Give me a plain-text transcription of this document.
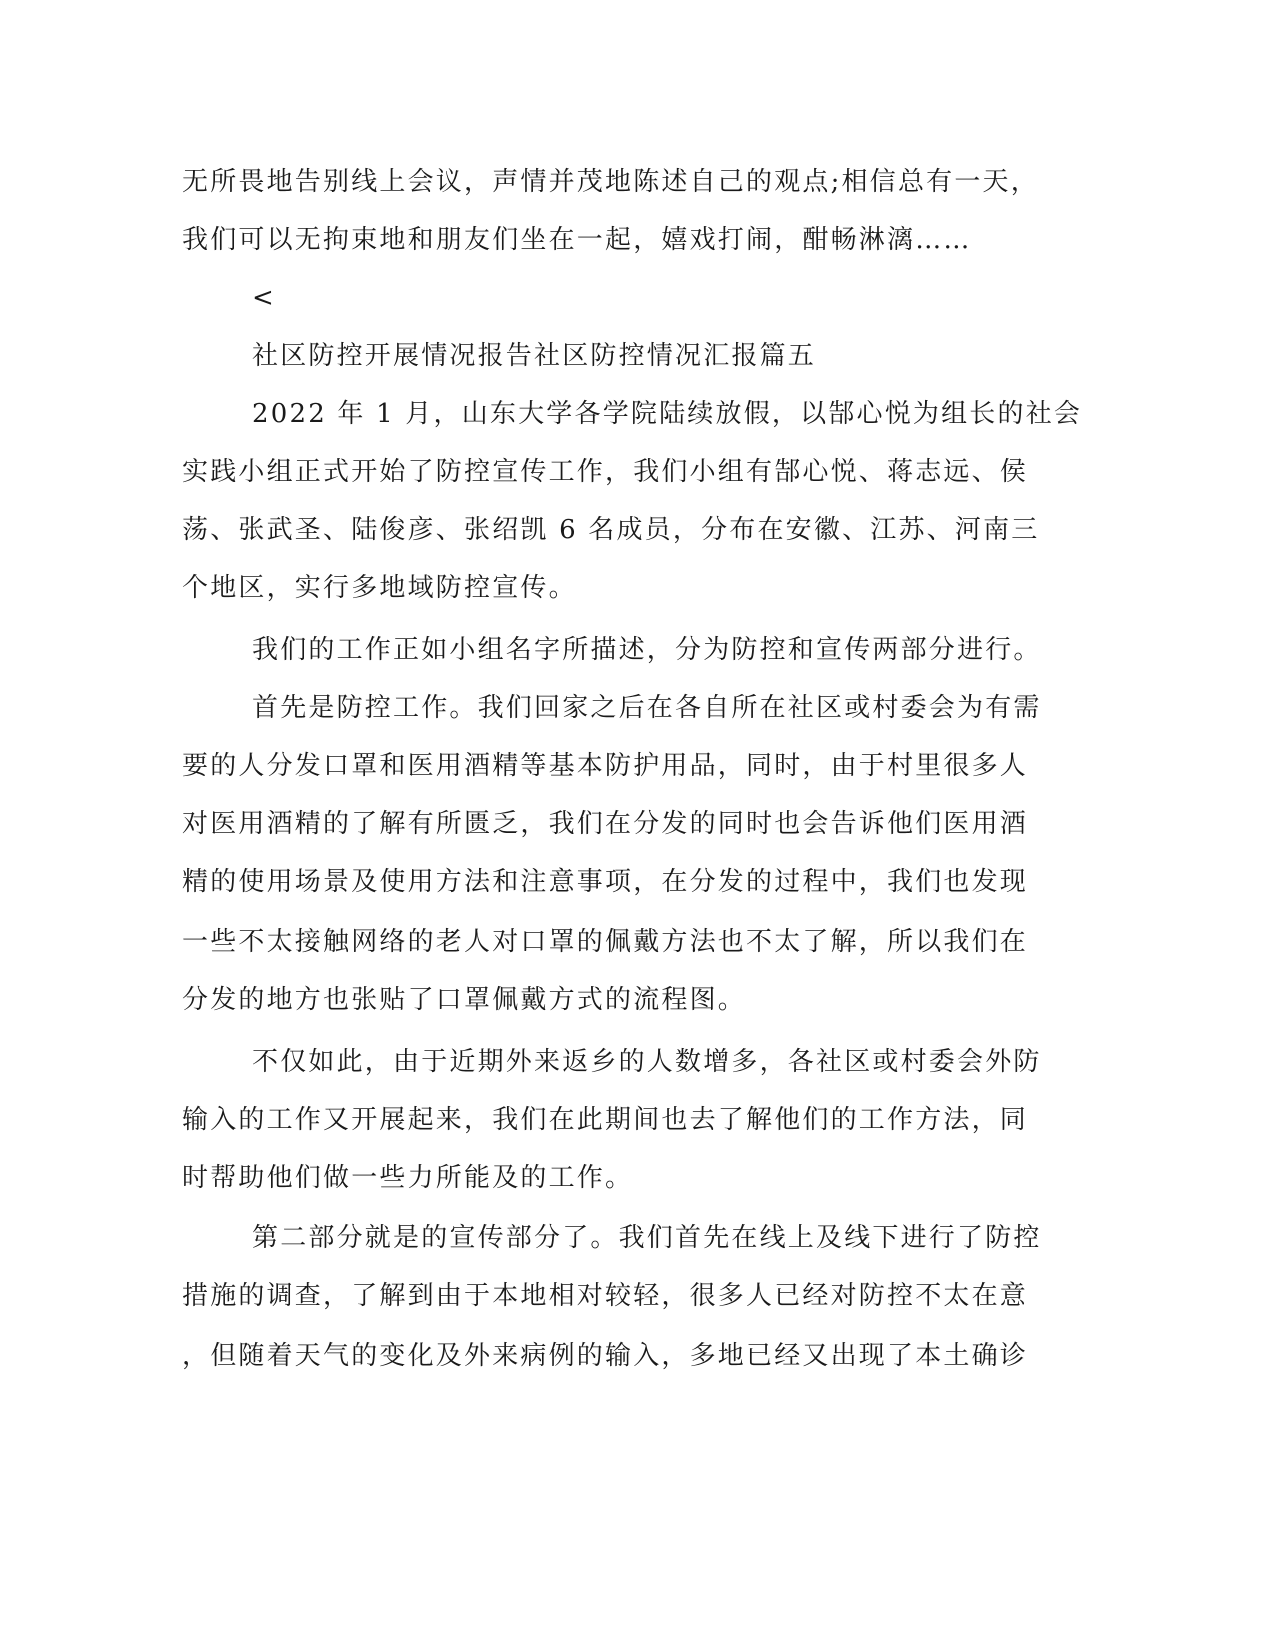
无所畏地告别线上会议，声情并茂地陈述自己的观点;相信总有一天，
我们可以无拘束地和朋友们坐在一起，嬉戏打闹，酣畅淋漓……
<
社区防控开展情况报告社区防控情况汇报篇五
2022 年 1 月，山东大学各学院陆续放假，以郜心悦为组长的社会
实践小组正式开始了防控宣传工作，我们小组有郜心悦、蒋志远、侯
荡、张武圣、陆俊彦、张绍凯 6 名成员，分布在安徽、江苏、河南三
个地区，实行多地域防控宣传。
我们的工作正如小组名字所描述，分为防控和宣传两部分进行。
首先是防控工作。我们回家之后在各自所在社区或村委会为有需
要的人分发口罩和医用酒精等基本防护用品，同时，由于村里很多人
对医用酒精的了解有所匮乏，我们在分发的同时也会告诉他们医用酒
精的使用场景及使用方法和注意事项，在分发的过程中，我们也发现
一些不太接触网络的老人对口罩的佩戴方法也不太了解，所以我们在
分发的地方也张贴了口罩佩戴方式的流程图。
不仅如此，由于近期外来返乡的人数增多，各社区或村委会外防
输入的工作又开展起来，我们在此期间也去了解他们的工作方法，同
时帮助他们做一些力所能及的工作。
第二部分就是的宣传部分了。我们首先在线上及线下进行了防控
措施的调查，了解到由于本地相对较轻，很多人已经对防控不太在意
，但随着天气的变化及外来病例的输入，多地已经又出现了本土确诊
